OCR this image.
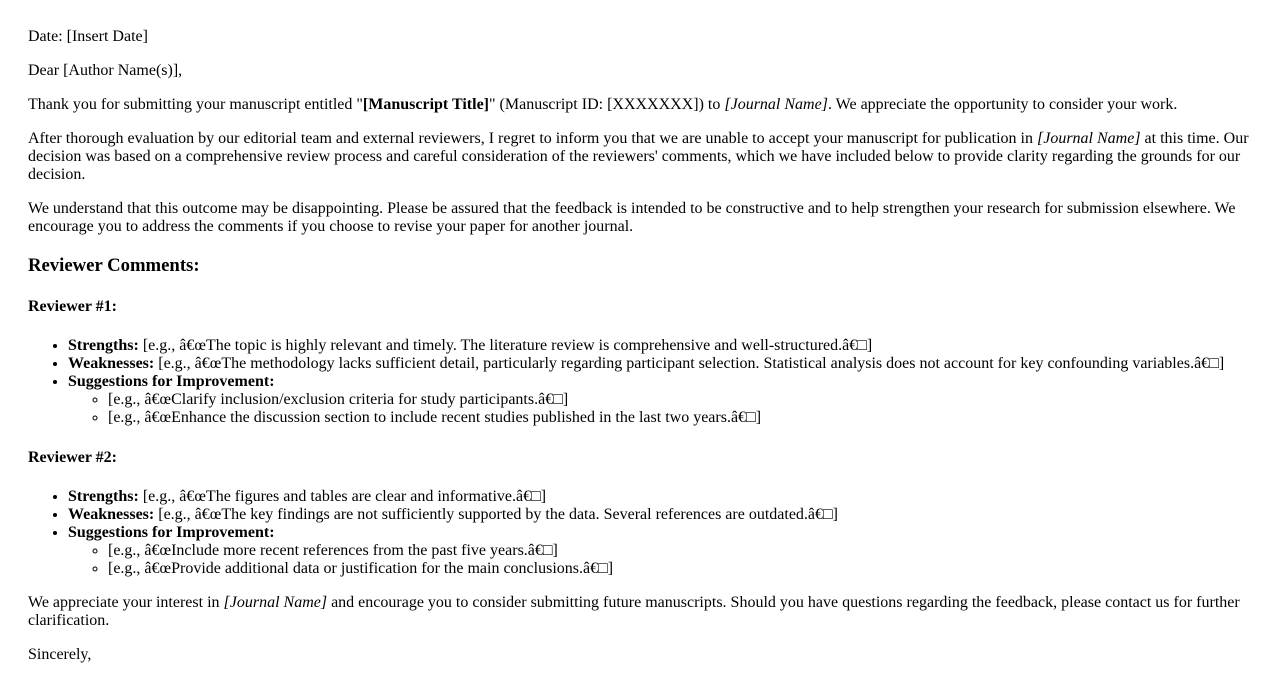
Date: [Insert Date]

Dear [Author Name(s)],

Thank you for submitting your manuscript entitled "[Manuscript Title]" (Manuscript ID: [XXXXXXX]) to [Journal Name]. We appreciate the opportunity to consider your work.

After thorough evaluation by our editorial team and external reviewers, I regret to inform you that we are unable to accept your manuscript for publication in [Journal Name] at this time. Our decision was based on a comprehensive review process and careful consideration of the reviewers' comments, which we have included below to provide clarity regarding the grounds for our decision.

We understand that this outcome may be disappointing. Please be assured that the feedback is intended to be constructive and to help strengthen your research for submission elsewhere. We encourage you to address the comments if you choose to revise your paper for another journal.

Reviewer Comments:
Reviewer #1:
• Strengths: [e.g., â€œThe topic is highly relevant and timely. The literature review is comprehensive and well-structured.â€□]
• Weaknesses: [e.g., â€œThe methodology lacks sufficient detail, particularly regarding participant selection. Statistical analysis does not account for key confounding variables.â€□]
• Suggestions for Improvement:
◦ [e.g., â€œClarify inclusion/exclusion criteria for study participants.â€□]
◦ [e.g., â€œEnhance the discussion section to include recent studies published in the last two years.â€□]
Reviewer #2:
• Strengths: [e.g., â€œThe figures and tables are clear and informative.â€□]
• Weaknesses: [e.g., â€œThe key findings are not sufficiently supported by the data. Several references are outdated.â€□]
• Suggestions for Improvement:
◦ [e.g., â€œInclude more recent references from the past five years.â€□]
◦ [e.g., â€œProvide additional data or justification for the main conclusions.â€□]

We appreciate your interest in [Journal Name] and encourage you to consider submitting future manuscripts. Should you have questions regarding the feedback, please contact us for further clarification.

Sincerely,
